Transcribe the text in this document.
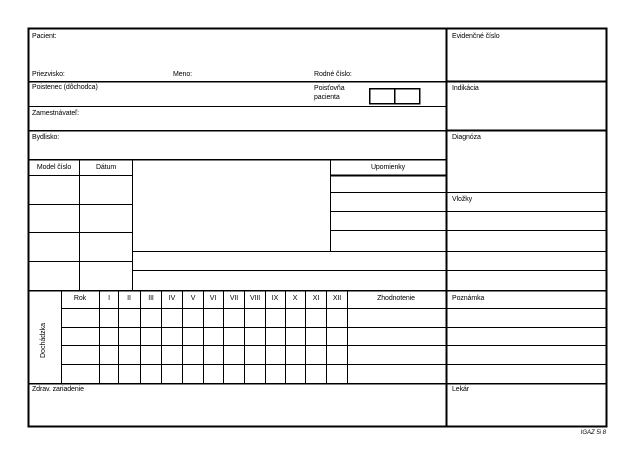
Pacient:
Priezvisko:	Meno:	Rodné číslo:
Poistenec (dôchodca)	Poisťovňa
pacienta
Zamestnávateľ:
Bydlisko:
Model číslo	Dátum	Upomienky
Dochádzka
Rok	I II III IV V VI VII VIII IX X XI XII	Zhodnotenie
Zdrav. zariadenie
Evidenčné číslo
Indikácia
Diagnóza
Vložky
Poznámka
Lekár
IGAZ 5i 8
